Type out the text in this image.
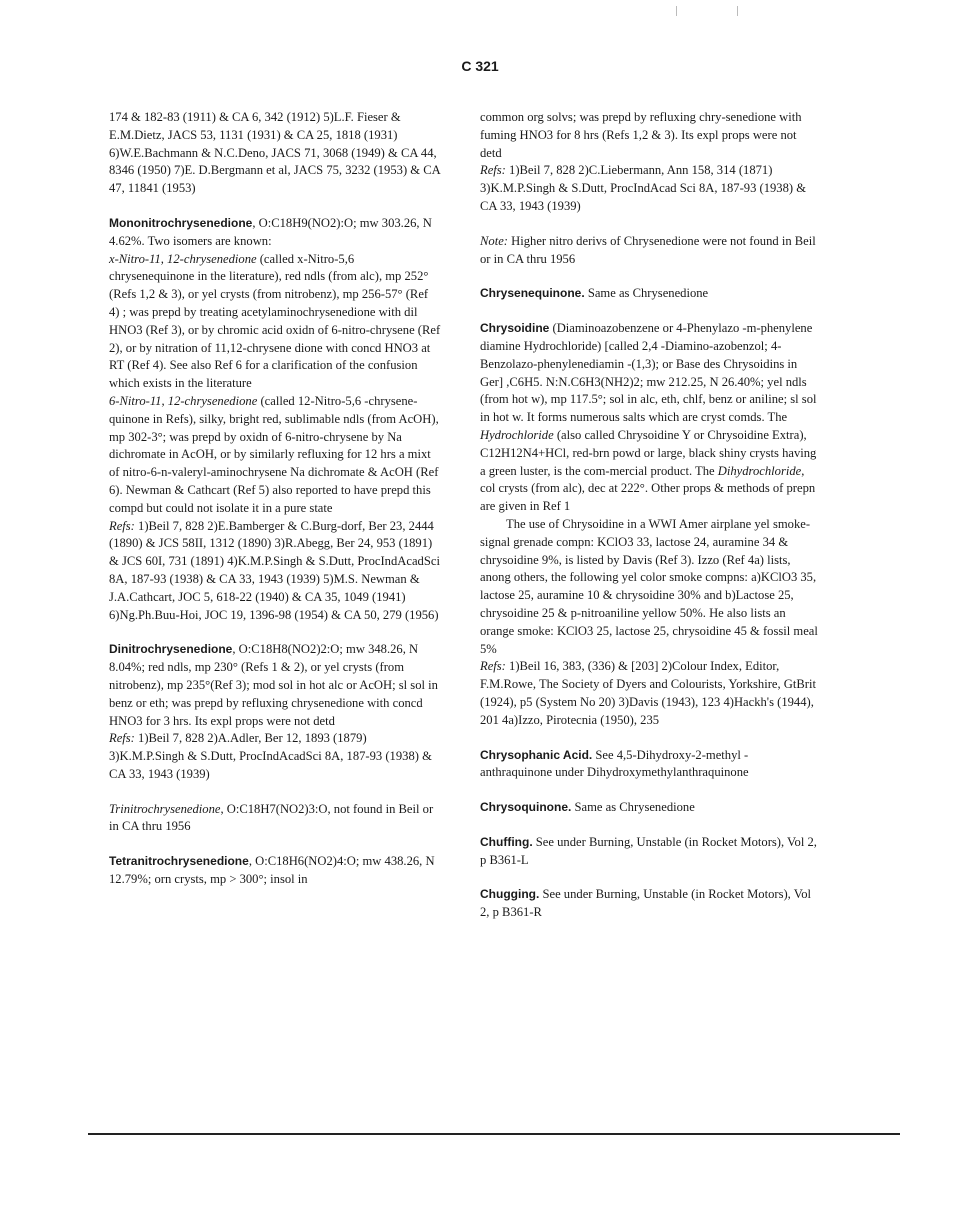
C 321

174 & 182-83 (1911) & CA 6, 342 (1912) 5)L.F. Fieser & E.M.Dietz, JACS 53, 1131 (1931) & CA 25, 1818 (1931) 6)W.E.Bachmann & N.C.Deno, JACS 71, 3068 (1949) & CA 44, 8346 (1950) 7)E. D.Bergmann et al, JACS 75, 3232 (1953) & CA 47, 11841 (1953)

Mononitrochrysenedione, O:C18H9(NO2):O; mw 303.26, N 4.62%. Two isomers are known:

x-Nitro-11, 12-chrysenedione (called x-Nitro-5,6 chrysenequinone in the literature), red ndls (from alc), mp 252° (Refs 1,2 & 3), or yel crysts (from nitrobenz), mp 256-57° (Ref 4) ; was prepd by treating acetylaminochrysenedione with dil HNO3 (Ref 3), or by chromic acid oxidn of 6-nitro-chrysene (Ref 2), or by nitration of 11,12-chrysene dione with concd HNO3 at RT (Ref 4). See also Ref 6 for a clarification of the confusion which exists in the literature

6-Nitro-11, 12-chrysenedione (called 12-Nitro-5,6 -chrysene-quinone in Refs), silky, bright red, sublimable ndls (from AcOH), mp 302-3°; was prepd by oxidn of 6-nitro-chrysene by Na dichromate in AcOH, or by similarly refluxing for 12 hrs a mixt of nitro-6-n-valeryl-aminochrysene Na dichromate & AcOH (Ref 6). Newman & Cathcart (Ref 5) also reported to have prepd this compd but could not isolate it in a pure state

Refs: 1)Beil 7, 828 2)E.Bamberger & C.Burg-dorf, Ber 23, 2444 (1890) & JCS 58II, 1312 (1890) 3)R.Abegg, Ber 24, 953 (1891) & JCS 60I, 731 (1891) 4)K.M.P.Singh & S.Dutt, ProcIndAcadSci 8A, 187-93 (1938) & CA 33, 1943 (1939) 5)M.S. Newman & J.A.Cathcart, JOC 5, 618-22 (1940) & CA 35, 1049 (1941) 6)Ng.Ph.Buu-Hoi, JOC 19, 1396-98 (1954) & CA 50, 279 (1956)

Dinitrochrysenedione, O:C18H8(NO2)2:O; mw 348.26, N 8.04%; red ndls, mp 230° (Refs 1 & 2), or yel crysts (from nitrobenz), mp 235°(Ref 3); mod sol in hot alc or AcOH; sl sol in benz or eth; was prepd by refluxing chrysenedione with concd HNO3 for 3 hrs. Its expl props were not detd

Refs: 1)Beil 7, 828 2)A.Adler, Ber 12, 1893 (1879) 3)K.M.P.Singh & S.Dutt, ProcIndAcadSci 8A, 187-93 (1938) & CA 33, 1943 (1939)

Trinitrochrysenedione, O:C18H7(NO2)3:O, not found in Beil or in CA thru 1956

Tetranitrochrysenedione, O:C18H6(NO2)4:O; mw 438.26, N 12.79%; orn crysts, mp > 300°; insol in

common org solvs; was prepd by refluxing chry-senedione with fuming HNO3 for 8 hrs (Refs 1,2 & 3). Its expl props were not detd

Refs: 1)Beil 7, 828 2)C.Liebermann, Ann 158, 314 (1871) 3)K.M.P.Singh & S.Dutt, ProcIndAcad Sci 8A, 187-93 (1938) & CA 33, 1943 (1939)

Note: Higher nitro derivs of Chrysenedione were not found in Beil or in CA thru 1956

Chrysenequinone. Same as Chrysenedione

Chrysoidine (Diaminoazobenzene or 4-Phenylazo -m-phenylene diamine Hydrochloride) [called 2,4 -Diamino-azobenzol; 4-Benzolazo-phenylenediamin -(1,3); or Base des Chrysoidins in Ger] ,C6H5. N:N.C6H3(NH2)2; mw 212.25, N 26.40%; yel ndls (from hot w), mp 117.5°; sol in alc, eth, chlf, benz or aniline; sl sol in hot w. It forms numerous salts which are cryst comds. The Hydrochloride (also called Chrysoidine Y or Chrysoidine Extra), C12H12N4+HCl, red-brn powd or large, black shiny crysts having a green luster, is the com-mercial product. The Dihydrochloride, col crysts (from alc), dec at 222°. Other props & methods of prepn are given in Ref 1

The use of Chrysoidine in a WWI Amer airplane yel smoke-signal grenade compn: KClO3 33, lactose 24, auramine 34 & chrysoidine 9%, is listed by Davis (Ref 3). Izzo (Ref 4a) lists, anong others, the following yel color smoke compns: a)KClO3 35, lactose 25, auramine 10 & chrysoidine 30% and b)Lactose 25, chrysoidine 25 & p-nitroaniline yellow 50%. He also lists an orange smoke: KClO3 25, lactose 25, chrysoidine 45 & fossil meal 5%

Refs: 1)Beil 16, 383, (336) & [203] 2)Colour Index, Editor, F.M.Rowe, The Society of Dyers and Colourists, Yorkshire, GtBrit (1924), p5 (System No 20) 3)Davis (1943), 123 4)Hackh's (1944), 201 4a)Izzo, Pirotecnia (1950), 235

Chrysophanic Acid. See 4,5-Dihydroxy-2-methyl -anthraquinone under Dihydroxymethylanthraquinone

Chrysoquinone. Same as Chrysenedione

Chuffing. See under Burning, Unstable (in Rocket Motors), Vol 2, p B361-L

Chugging. See under Burning, Unstable (in Rocket Motors), Vol 2, p B361-R
